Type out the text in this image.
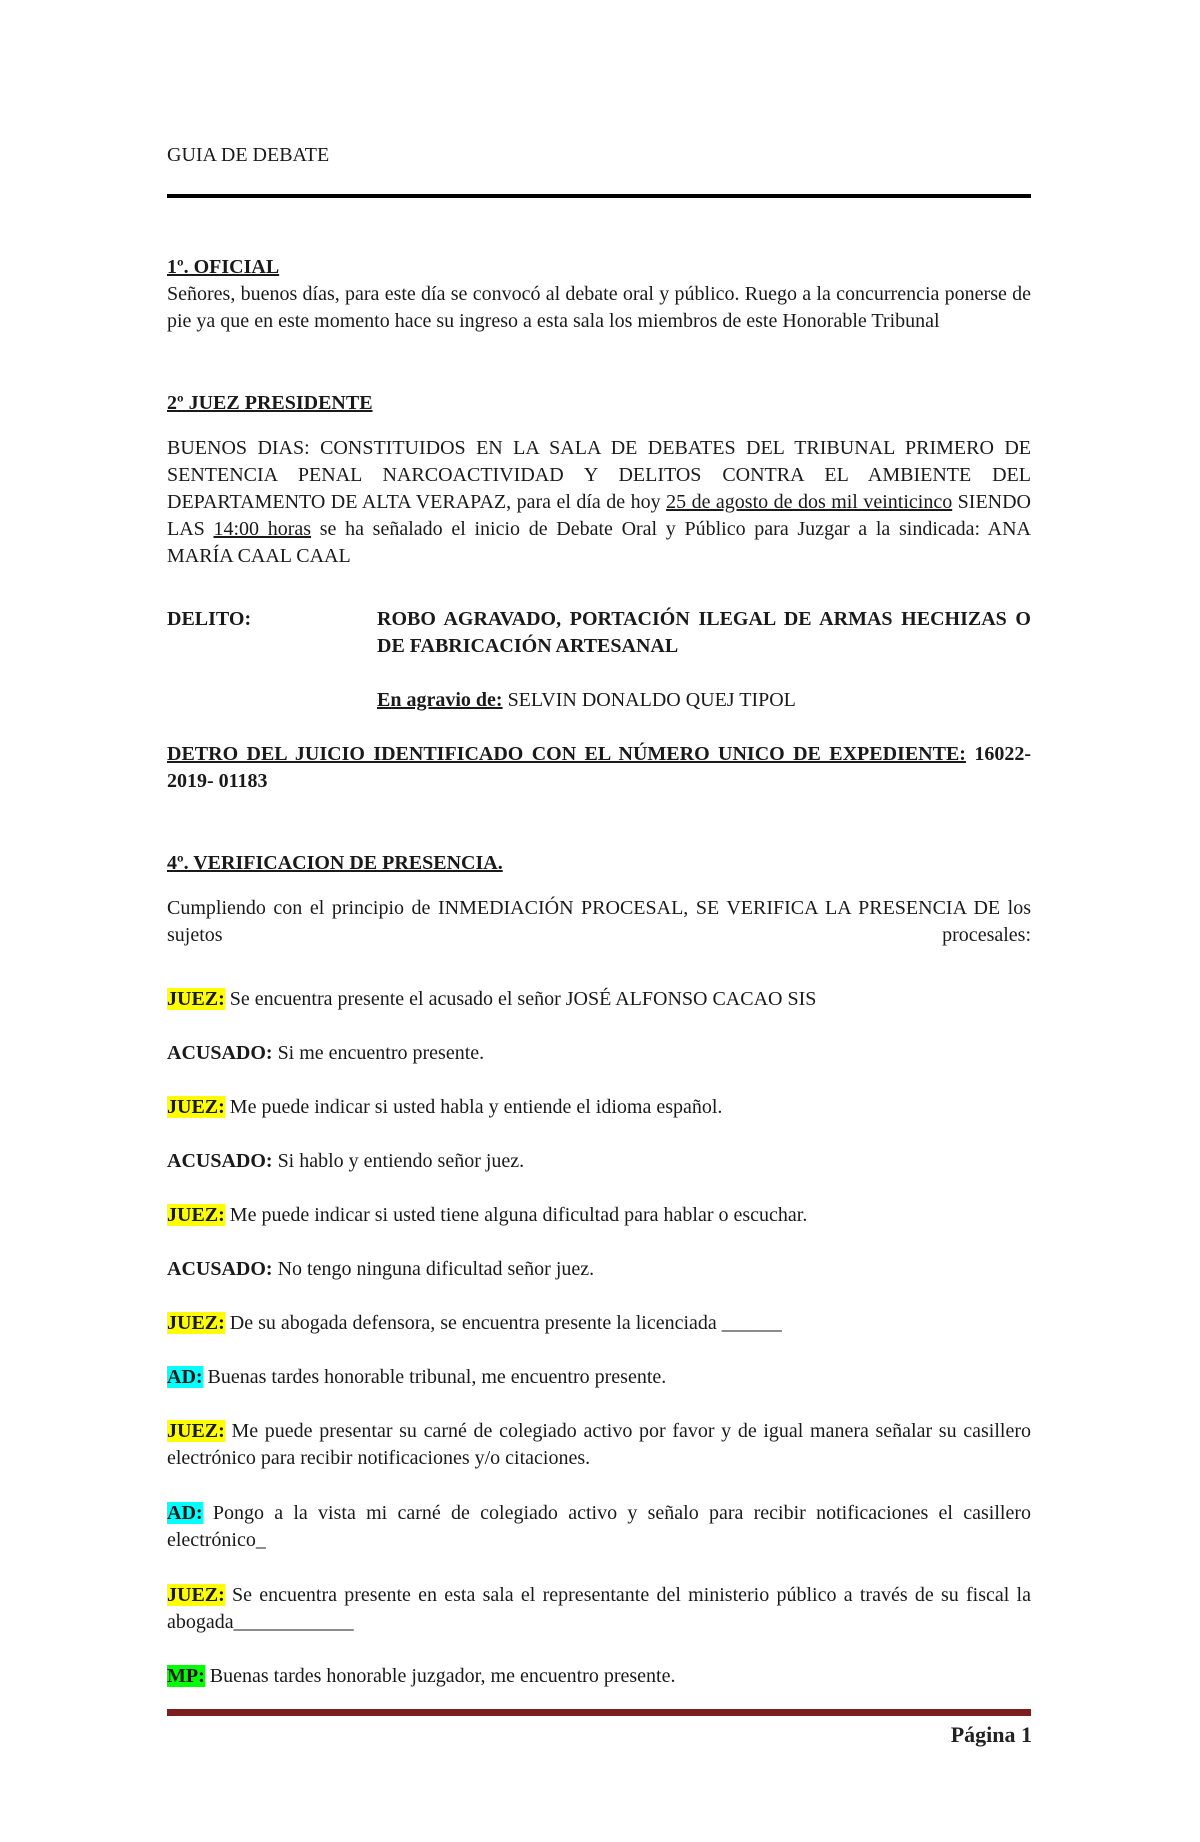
GUIA DE DEBATE

1º. OFICIAL

Señores, buenos días, para este día se convocó al debate oral y público. Ruego a la concurrencia ponerse de pie ya que en este momento hace su ingreso a esta sala los miembros de este Honorable Tribunal

2º JUEZ PRESIDENTE

BUENOS DIAS: CONSTITUIDOS EN LA SALA DE DEBATES DEL TRIBUNAL PRIMERO DE SENTENCIA PENAL NARCOACTIVIDAD Y DELITOS CONTRA EL AMBIENTE DEL DEPARTAMENTO DE ALTA VERAPAZ, para el día de hoy 25 de agosto de dos mil veinticinco SIENDO LAS 14:00 horas se ha señalado el inicio de Debate Oral y Público para Juzgar a la sindicada: ANA MARÍA CAAL CAAL

DELITO:	ROBO AGRAVADO, PORTACIÓN ILEGAL DE ARMAS HECHIZAS O DE FABRICACIÓN ARTESANAL

En agravio de: SELVIN DONALDO QUEJ TIPOL

DETRO DEL JUICIO IDENTIFICADO CON EL NÚMERO UNICO DE EXPEDIENTE: 16022-2019- 01183

4º. VERIFICACION DE PRESENCIA.

Cumpliendo con el principio de INMEDIACIÓN PROCESAL, SE VERIFICA LA PRESENCIA DE los sujetos procesales:

JUEZ: Se encuentra presente el acusado el señor JOSÉ ALFONSO CACAO SIS

ACUSADO: Si me encuentro presente.

JUEZ: Me puede indicar si usted habla y entiende el idioma español.

ACUSADO: Si hablo y entiendo señor juez.

JUEZ: Me puede indicar si usted tiene alguna dificultad para hablar o escuchar.

ACUSADO: No tengo ninguna dificultad señor juez.

JUEZ: De su abogada defensora, se encuentra presente la licenciada ______

AD: Buenas tardes honorable tribunal, me encuentro presente.

JUEZ: Me puede presentar su carné de colegiado activo por favor y de igual manera señalar su casillero electrónico para recibir notificaciones y/o citaciones.

AD: Pongo a la vista mi carné de colegiado activo y señalo para recibir notificaciones el casillero electrónico_

JUEZ: Se encuentra presente en esta sala el representante del ministerio público a través de su fiscal la abogada____________

MP: Buenas tardes honorable juzgador, me encuentro presente.

Página 1
